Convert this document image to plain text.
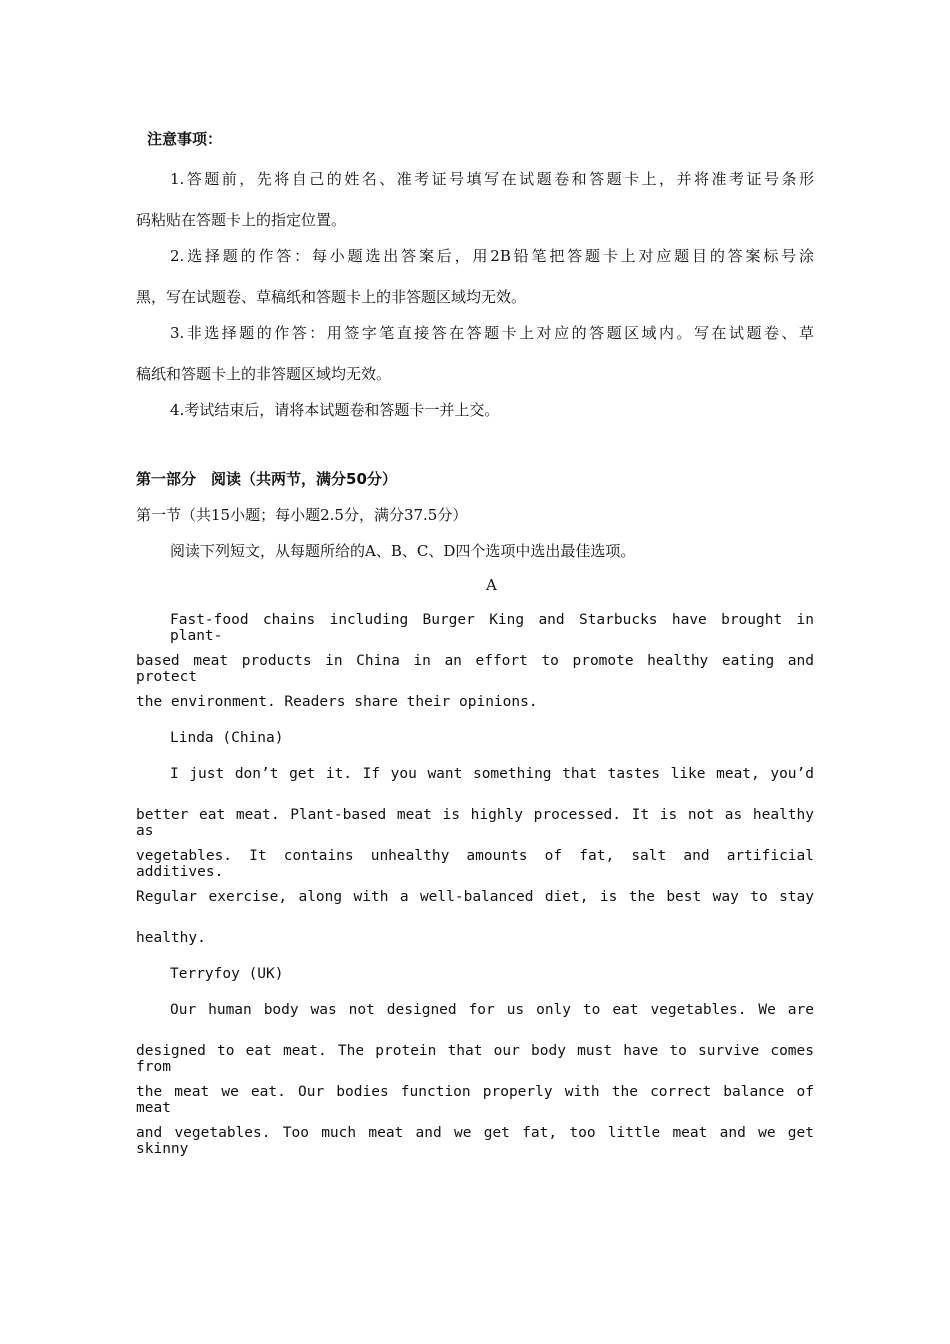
注意事项：
1.答题前，先将自己的姓名、准考证号填写在试题卷和答题卡上，并将准考证号条形
码粘贴在答题卡上的指定位置。
2.选择题的作答：每小题选出答案后，用2B铅笔把答题卡上对应题目的答案标号涂
黑，写在试题卷、草稿纸和答题卡上的非答题区域均无效。
3.非选择题的作答：用签字笔直接答在答题卡上对应的答题区域内。写在试题卷、草
稿纸和答题卡上的非答题区域均无效。
4.考试结束后，请将本试题卷和答题卡一并上交。
第一部分　阅读（共两节，满分50分）
第一节（共15小题；每小题2.5分，满分37.5分）
阅读下列短文，从每题所给的A、B、C、D四个选项中选出最佳选项。
A
Fast-food chains including Burger King and Starbucks have brought in plant-
based meat products in China in an effort to promote healthy eating and protect
the environment. Readers share their opinions.
Linda (China)
I just don’t get it. If you want something that tastes like meat, you’d
better eat meat. Plant-based meat is highly processed. It is not as healthy as
vegetables. It contains unhealthy amounts of fat, salt and artificial additives.
Regular exercise, along with a well-balanced diet, is the best way to stay
healthy.
Terryfoy (UK)
Our human body was not designed for us only to eat vegetables. We are
designed to eat meat. The protein that our body must have to survive comes from
the meat we eat. Our bodies function properly with the correct balance of meat
and vegetables. Too much meat and we get fat, too little meat and we get skinny
